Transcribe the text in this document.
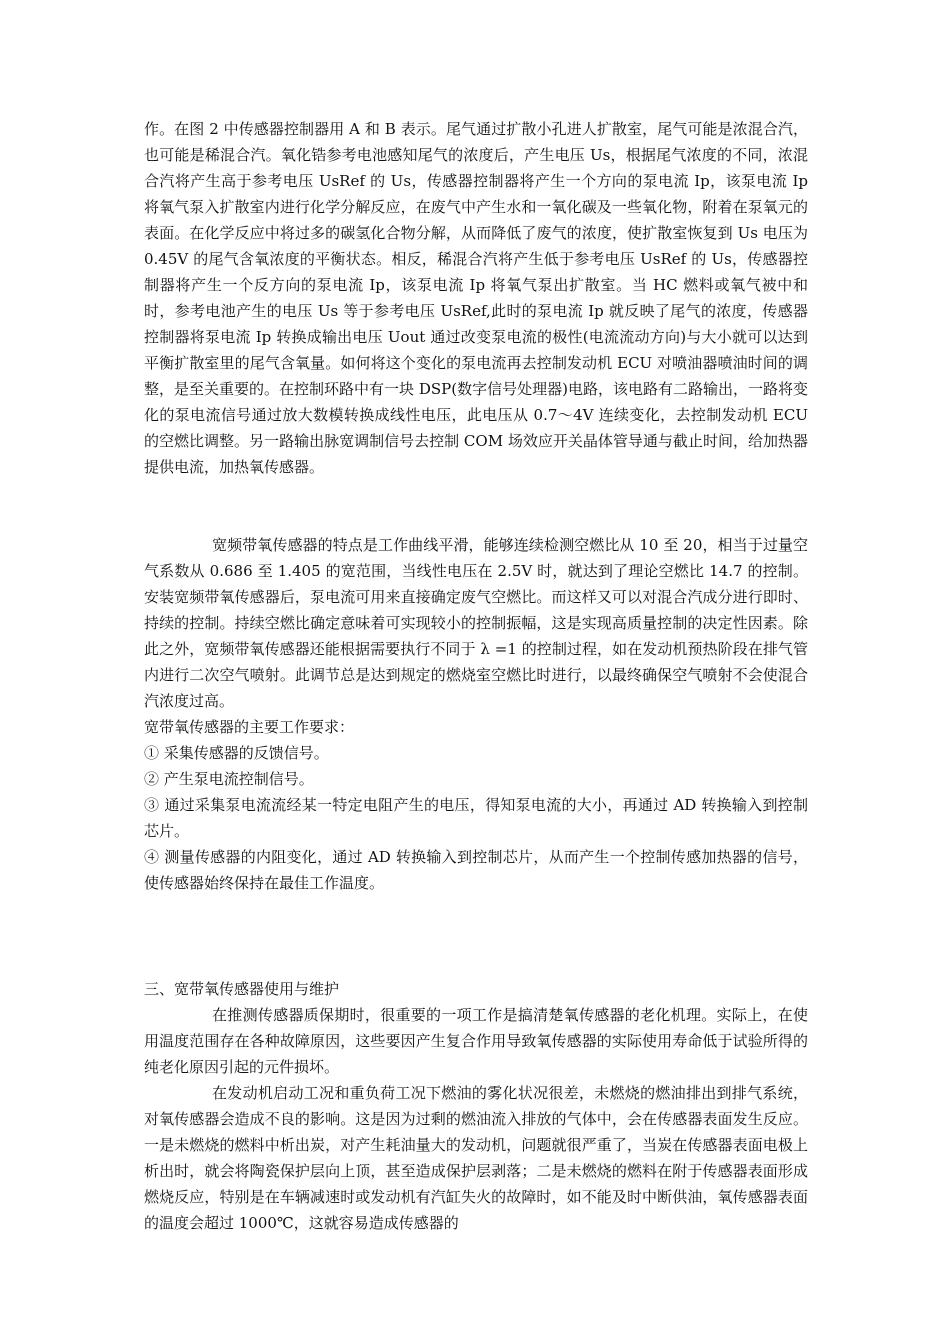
作。在图 2 中传感器控制器用 A 和 B 表示。尾气通过扩散小孔进人扩散室，尾气可能是浓混合汽，也可能是稀混合汽。氧化锆参考电池感知尾气的浓度后，产生电压 Us，根据尾气浓度的不同，浓混合汽将产生高于参考电压 UsRef 的 Us，传感器控制器将产生一个方向的泵电流 Ip，该泵电流 Ip 将氧气泵入扩散室内进行化学分解反应，在废气中产生水和一氧化碳及一些氧化物，附着在泵氧元的表面。在化学反应中将过多的碳氢化合物分解，从而降低了废气的浓度，使扩散室恢复到 Us 电压为 0.45V 的尾气含氧浓度的平衡状态。相反，稀混合汽将产生低于参考电压 UsRef 的 Us，传感器控制器将产生一个反方向的泵电流 Ip，该泵电流 Ip 将氧气泵出扩散室。当 HC 燃料或氧气被中和时，参考电池产生的电压 Us 等于参考电压 UsRef,此时的泵电流 Ip 就反映了尾气的浓度，传感器控制器将泵电流 Ip 转换成输出电压 Uout 通过改变泵电流的极性(电流流动方向)与大小就可以达到平衡扩散室里的尾气含氧量。如何将这个变化的泵电流再去控制发动机 ECU 对喷油器喷油时间的调整，是至关重要的。在控制环路中有一块 DSP(数字信号处理器)电路，该电路有二路输出，一路将变化的泵电流信号通过放大数模转换成线性电压，此电压从 0.7～4V 连续变化，去控制发动机 ECU 的空燃比调整。另一路输出脉宽调制信号去控制 COM 场效应开关晶体管导通与截止时间，给加热器提供电流，加热氧传感器。

宽频带氧传感器的特点是工作曲线平滑，能够连续检测空燃比从 10 至 20，相当于过量空气系数从 0.686 至 1.405 的宽范围，当线性电压在 2.5V 时，就达到了理论空燃比 14.7 的控制。安装宽频带氧传感器后，泵电流可用来直接确定废气空燃比。而这样又可以对混合汽成分进行即时、持续的控制。持续空燃比确定意味着可实现较小的控制振幅，这是实现高质量控制的决定性因素。除此之外，宽频带氧传感器还能根据需要执行不同于 λ =1 的控制过程，如在发动机预热阶段在排气管内进行二次空气喷射。此调节总是达到规定的燃烧室空燃比时进行，以最终确保空气喷射不会使混合汽浓度过高。

宽带氧传感器的主要工作要求：

① 采集传感器的反馈信号。

② 产生泵电流控制信号。

③ 通过采集泵电流流经某一特定电阻产生的电压，得知泵电流的大小，再通过 AD 转换输入到控制芯片。

④ 测量传感器的内阻变化，通过 AD 转换输入到控制芯片，从而产生一个控制传感加热器的信号，使传感器始终保持在最佳工作温度。

三、宽带氧传感器使用与维护

在推测传感器质保期时，很重要的一项工作是搞清楚氧传感器的老化机理。实际上，在使用温度范围存在各种故障原因，这些要因产生复合作用导致氧传感器的实际使用寿命低于试验所得的纯老化原因引起的元件损坏。

在发动机启动工况和重负荷工况下燃油的雾化状况很差，未燃烧的燃油排出到排气系统，对氧传感器会造成不良的影响。这是因为过剩的燃油流入排放的气体中，会在传感器表面发生反应。一是未燃烧的燃料中析出炭，对产生耗油量大的发动机，问题就很严重了，当炭在传感器表面电极上析出时，就会将陶瓷保护层向上顶，甚至造成保护层剥落；二是未燃烧的燃料在附于传感器表面形成燃烧反应，特别是在车辆减速时或发动机有汽缸失火的故障时，如不能及时中断供油，氧传感器表面的温度会超过 1000℃，这就容易造成传感器的
